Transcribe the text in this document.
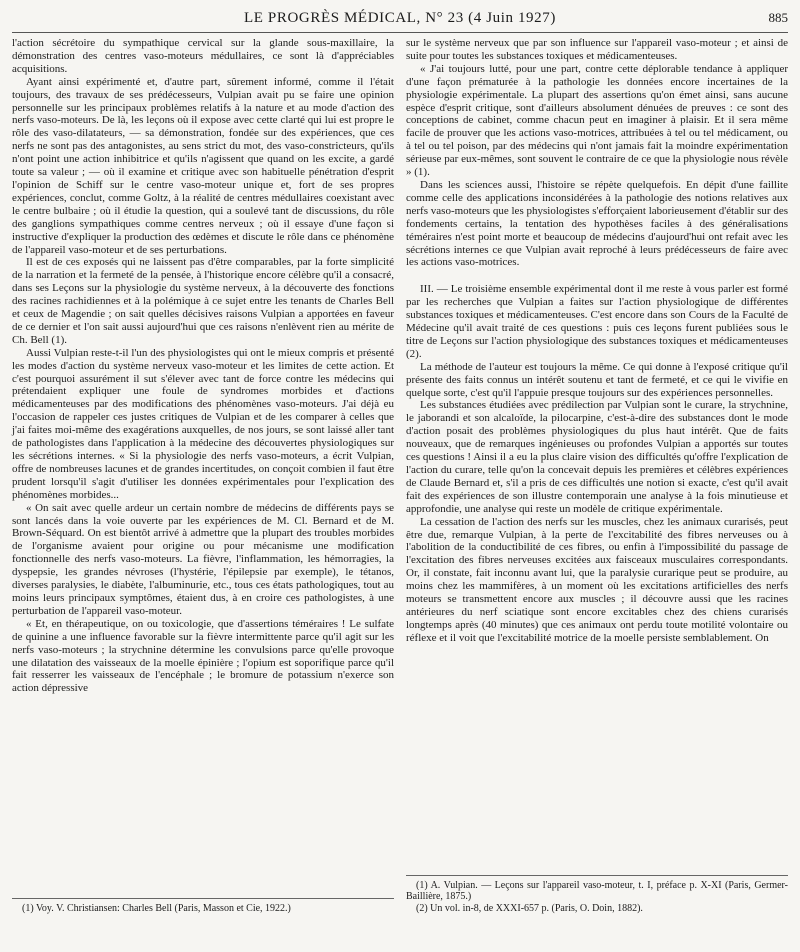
LE PROGRÈS MÉDICAL, N° 23 (4 Juin 1927)	885

l'action sécrétoire du sympathique cervical sur la glande sous-maxillaire, la démonstration des centres vaso-moteurs médullaires, ce sont là d'appréciables acquisitions.

Ayant ainsi expérimenté et, d'autre part, sûrement informé, comme il l'était toujours, des travaux de ses prédécesseurs, Vulpian avait pu se faire une opinion personnelle sur les principaux problèmes relatifs à la nature et au mode d'action des nerfs vaso-moteurs. De là, les leçons où il expose avec cette clarté qui lui est propre le rôle des vaso-dilatateurs, — sa démonstration, fondée sur des expériences, que ces nerfs ne sont pas des antagonistes, au sens strict du mot, des vaso-constricteurs, qu'ils n'ont point une action inhibitrice et qu'ils n'agissent que quand on les excite, a gardé toute sa valeur ; — où il examine et critique avec son habituelle pénétration d'esprit l'opinion de Schiff sur le centre vaso-moteur unique et, fort de ses propres expériences, conclut, comme Goltz, à la réalité de centres médullaires coexistant avec le centre bulbaire ; où il étudie la question, qui a soulevé tant de discussions, du rôle des ganglions sympathiques comme centres nerveux ; où il essaye d'une façon si instructive d'expliquer la production des œdèmes et discute le rôle dans ce phénomène de l'appareil vaso-moteur et de ses perturbations.

Il est de ces exposés qui ne laissent pas d'être comparables, par la forte simplicité de la narration et la fermeté de la pensée, à l'historique encore célèbre qu'il a consacré, dans ses Leçons sur la physiologie du système nerveux, à la découverte des fonctions des racines rachidiennes et à la polémique à ce sujet entre les tenants de Charles Bell et ceux de Magendie ; on sait quelles décisives raisons Vulpian a apportées en faveur de ce dernier et l'on sait aussi aujourd'hui que ces raisons n'enlèvent rien au mérite de Ch. Bell (1).

Aussi Vulpian reste-t-il l'un des physiologistes qui ont le mieux compris et présenté les modes d'action du système nerveux vaso-moteur et les limites de cette action. Et c'est pourquoi assurément il sut s'élever avec tant de force contre les médecins qui prétendaient expliquer une foule de syndromes morbides et d'actions médicamenteuses par des modifications des phénomènes vaso-moteurs. J'ai déjà eu l'occasion de rappeler ces justes critiques de Vulpian et de les comparer à celles que j'ai faites moi-même des exagérations auxquelles, de nos jours, se sont laissé aller tant de pathologistes dans l'application à la médecine des découvertes physiologiques sur les sécrétions internes. « Si la physiologie des nerfs vaso-moteurs, a écrit Vulpian, offre de nombreuses lacunes et de grandes incertitudes, on conçoit combien il faut être prudent lorsqu'il s'agit d'utiliser les données expérimentales pour l'explication des phénomènes morbides...

« On sait avec quelle ardeur un certain nombre de médecins de différents pays se sont lancés dans la voie ouverte par les expériences de M. Cl. Bernard et de M. Brown-Séquard. On est bientôt arrivé à admettre que la plupart des troubles morbides de l'organisme avaient pour origine ou pour mécanisme une modification fonctionnelle des nerfs vaso-moteurs. La fièvre, l'inflammation, les hémorragies, la dyspepsie, les grandes névroses (l'hystérie, l'épilepsie par exemple), le tétanos, diverses paralysies, le diabète, l'albuminurie, etc., tous ces états pathologiques, tout au moins leurs principaux symptômes, étaient dus, à en croire ces pathologistes, à une perturbation de l'appareil vaso-moteur.

« Et, en thérapeutique, on ou toxicologie, que d'assertions téméraires ! Le sulfate de quinine a une influence favorable sur la fièvre intermittente parce qu'il agit sur les nerfs vaso-moteurs ; la strychnine détermine les convulsions parce qu'elle provoque une dilatation des vaisseaux de la moelle épinière ; l'opium est soporifique parce qu'il fait resserrer les vaisseaux de l'encéphale ; le bromure de potassium n'exerce son action dépressive

(1) Voy. V. Christiansen: Charles Bell (Paris, Masson et Cie, 1922.)

sur le système nerveux que par son influence sur l'appareil vaso-moteur ; et ainsi de suite pour toutes les substances toxiques et médicamenteuses.

« J'ai toujours lutté, pour une part, contre cette déplorable tendance à appliquer d'une façon prématurée à la pathologie les données encore incertaines de la physiologie expérimentale. La plupart des assertions qu'on émet ainsi, sans aucune espèce d'esprit critique, sont d'ailleurs absolument dénuées de preuves : ce sont des conceptions de cabinet, comme chacun peut en imaginer à plaisir. Et il sera même facile de prouver que les actions vaso-motrices, attribuées à tel ou tel médicament, ou à tel ou tel poison, par des médecins qui n'ont jamais fait la moindre expérimentation sérieuse par eux-mêmes, sont souvent le contraire de ce que la physiologie nous révèle » (1).

Dans les sciences aussi, l'histoire se répète quelquefois. En dépit d'une faillite comme celle des applications inconsidérées à la pathologie des notions relatives aux nerfs vaso-moteurs que les physiologistes s'efforçaient laborieusement d'établir sur des fondements certains, la tentation des hypothèses faciles à des généralisations téméraires n'est point morte et beaucoup de médecins d'aujourd'hui ont refait avec les sécrétions internes ce que Vulpian avait reproché à leurs prédécesseurs de faire avec les actions vaso-motrices.

III. — Le troisième ensemble expérimental dont il me reste à vous parler est formé par les recherches que Vulpian a faites sur l'action physiologique de différentes substances toxiques et médicamenteuses. C'est encore dans son Cours de la Faculté de Médecine qu'il avait traité de ces questions : puis ces leçons furent publiées sous le titre de Leçons sur l'action physiologique des substances toxiques et médicamenteuses (2).

La méthode de l'auteur est toujours la même. Ce qui donne à l'exposé critique qu'il présente des faits connus un intérêt soutenu et tant de fermeté, et ce qui le vivifie en quelque sorte, c'est qu'il l'appuie presque toujours sur des expériences personnelles.

Les substances étudiées avec prédilection par Vulpian sont le curare, la strychnine, le jaborandi et son alcaloïde, la pilocarpine, c'est-à-dire des substances dont le mode d'action posait des problèmes physiologiques du plus haut intérêt. Que de faits nouveaux, que de remarques ingénieuses ou profondes Vulpian a apportés sur toutes ces questions ! Ainsi il a eu la plus claire vision des difficultés qu'offre l'explication de l'action du curare, telle qu'on la concevait depuis les premières et célèbres expériences de Claude Bernard et, s'il a pris de ces difficultés une notion si exacte, c'est qu'il avait fait des expériences de son illustre contemporain une analyse à la fois minutieuse et approfondie, une analyse qui reste un modèle de critique expérimentale.

La cessation de l'action des nerfs sur les muscles, chez les animaux curarisés, peut être due, remarque Vulpian, à la perte de l'excitabilité des fibres nerveuses ou à l'abolition de la conductibilité de ces fibres, ou enfin à l'impossibilité du passage de l'excitation des fibres nerveuses excitées aux faisceaux musculaires correspondants. Or, il constate, fait inconnu avant lui, que la paralysie curarique peut se produire, au moins chez les mammifères, à un moment où les excitations artificielles des nerfs moteurs se transmettent encore aux muscles ; il découvre aussi que les racines antérieures du nerf sciatique sont encore excitables chez des chiens curarisés longtemps après (40 minutes) que ces animaux ont perdu toute motilité volontaire ou réflexe et il voit que l'excitabilité motrice de la moelle persiste semblablement. On

(1) A. Vulpian. — Leçons sur l'appareil vaso-moteur, t. I, préface p. X-XI (Paris, Germer-Baillière, 1875.)
(2) Un vol. in-8, de XXXI-657 p. (Paris, O. Doin, 1882).
